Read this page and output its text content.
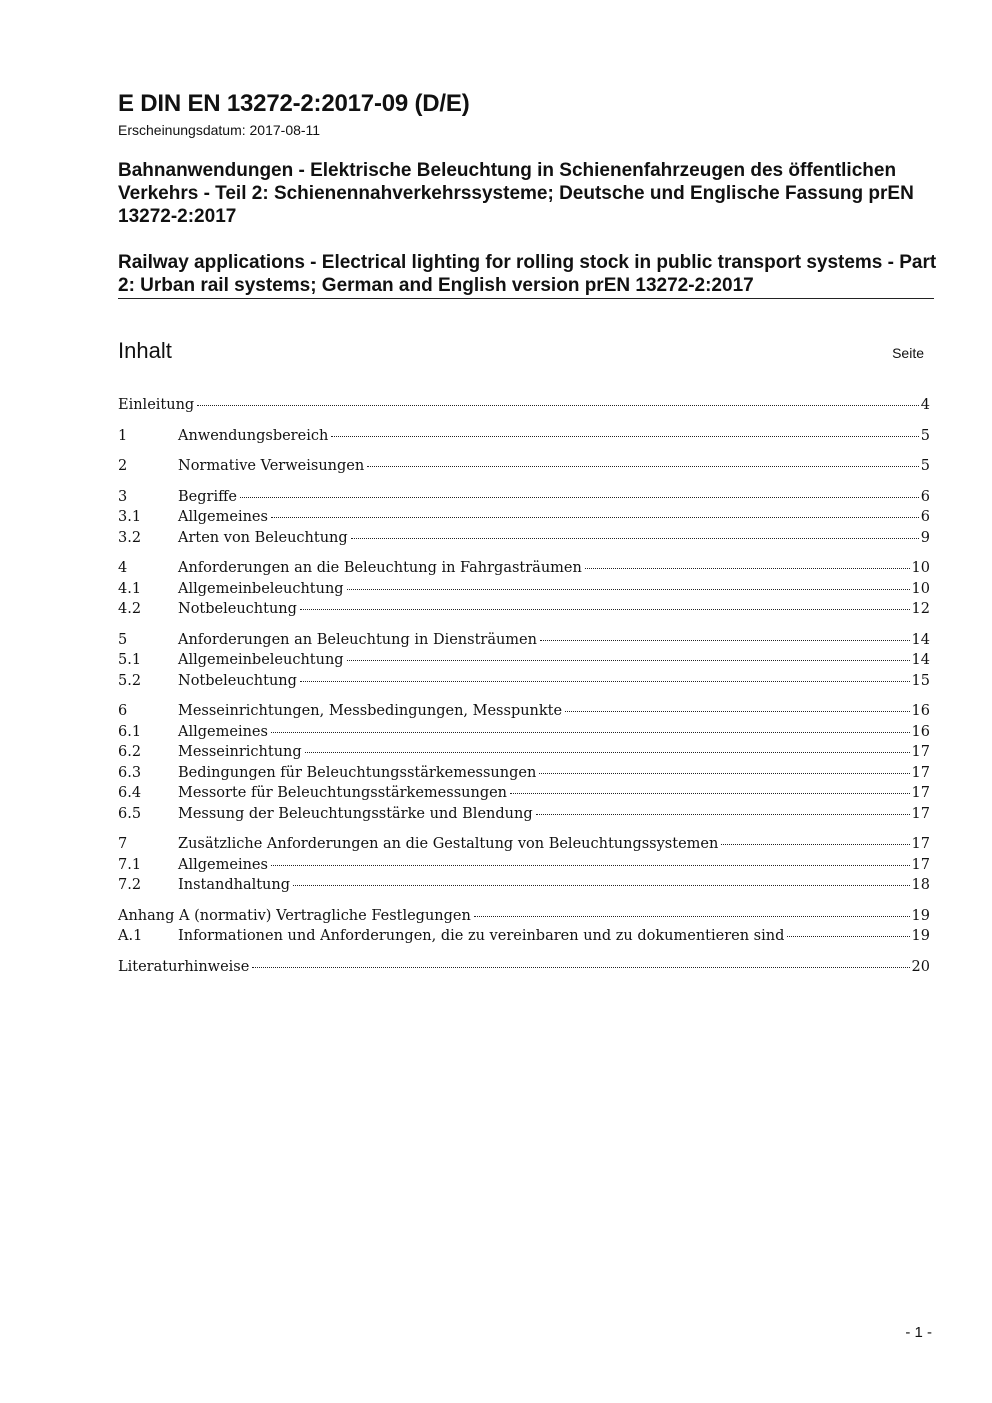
E DIN EN 13272-2:2017-09 (D/E)
Erscheinungsdatum: 2017-08-11
Bahnanwendungen - Elektrische Beleuchtung in Schienenfahrzeugen des öffentlichen Verkehrs - Teil 2: Schienennahverkehrssysteme; Deutsche und Englische Fassung prEN 13272-2:2017
Railway applications - Electrical lighting for rolling stock in public transport systems - Part 2: Urban rail systems; German and English version prEN 13272-2:2017
Inhalt	Seite
Einleitung	4
1	Anwendungsbereich	5
2	Normative Verweisungen	5
3	Begriffe	6
3.1	Allgemeines	6
3.2	Arten von Beleuchtung	9
4	Anforderungen an die Beleuchtung in Fahrgasträumen	10
4.1	Allgemeinbeleuchtung	10
4.2	Notbeleuchtung	12
5	Anforderungen an Beleuchtung in Diensträumen	14
5.1	Allgemeinbeleuchtung	14
5.2	Notbeleuchtung	15
6	Messeinrichtungen, Messbedingungen, Messpunkte	16
6.1	Allgemeines	16
6.2	Messeinrichtung	17
6.3	Bedingungen für Beleuchtungsstärkemessungen	17
6.4	Messorte für Beleuchtungsstärkemessungen	17
6.5	Messung der Beleuchtungsstärke und Blendung	17
7	Zusätzliche Anforderungen an die Gestaltung von Beleuchtungssystemen	17
7.1	Allgemeines	17
7.2	Instandhaltung	18
Anhang A (normativ) Vertragliche Festlegungen	19
A.1	Informationen und Anforderungen, die zu vereinbaren und zu dokumentieren sind	19
Literaturhinweise	20
- 1 -
